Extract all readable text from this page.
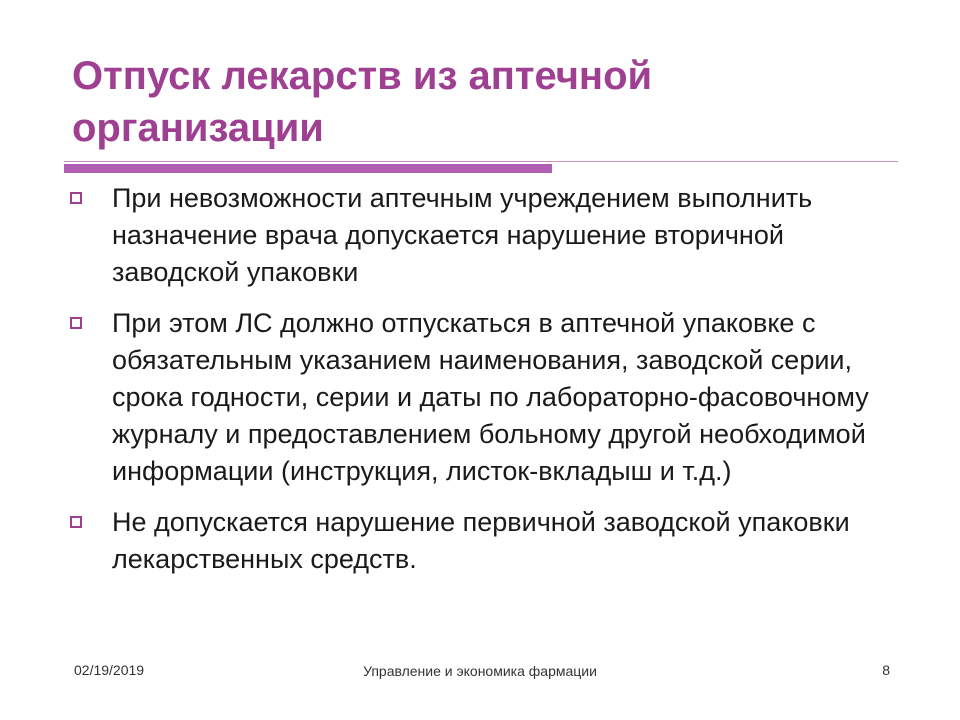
Отпуск лекарств из аптечной организации
При невозможности аптечным учреждением выполнить назначение врача допускается нарушение вторичной заводской упаковки
При этом ЛС должно отпускаться в аптечной упаковке с обязательным указанием наименования, заводской серии, срока годности, серии и даты по лабораторно-фасовочному журналу и предоставлением больному другой необходимой информации (инструкция, листок-вкладыш и т.д.)
Не допускается нарушение первичной заводской упаковки лекарственных средств.
02/19/2019	Управление и экономика фармации	8
